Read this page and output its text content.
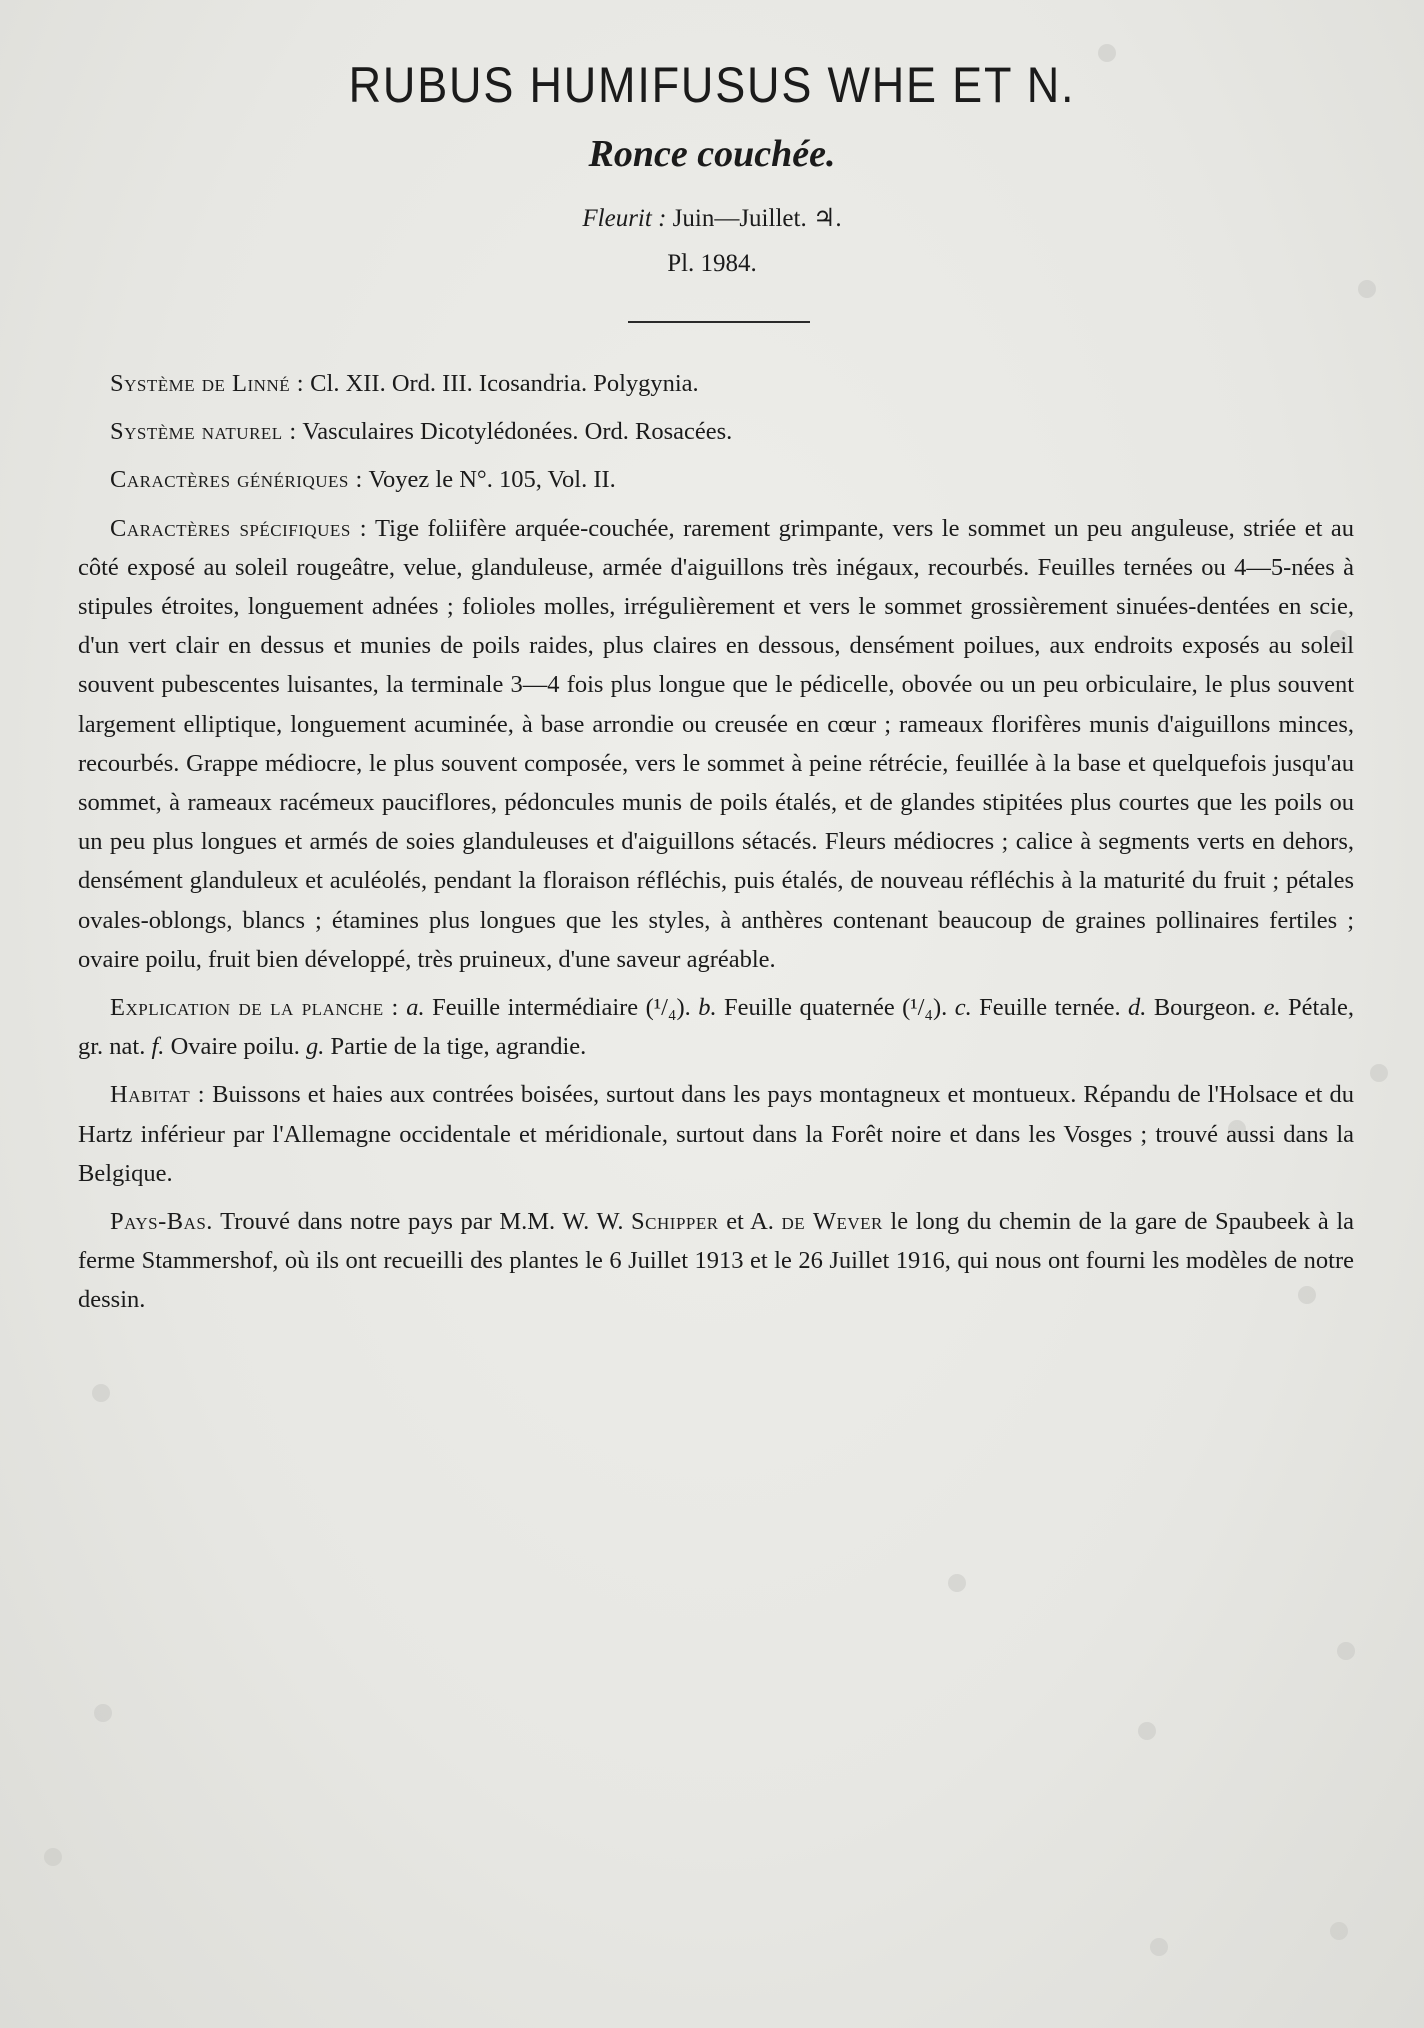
RUBUS HUMIFUSUS WHE ET N.
Ronce couchée.
Fleurit : Juin—Juillet. ♃.
Pl. 1984.

Système de Linné : Cl. XII. Ord. III. Icosandria. Polygynia.

Système naturel : Vasculaires Dicotylédonées. Ord. Rosacées.

Caractères génériques : Voyez le N°. 105, Vol. II.

Caractères spécifiques : Tige foliifère arquée-couchée, rarement grimpante, vers le sommet un peu anguleuse, striée et au côté exposé au soleil rougeâtre, velue, glanduleuse, armée d'aiguillons très inégaux, recourbés. Feuilles ternées ou 4—5-nées à stipules étroites, longuement adnées ; folioles molles, irrégulièrement et vers le sommet grossièrement sinuées-dentées en scie, d'un vert clair en dessus et munies de poils raides, plus claires en dessous, densément poilues, aux endroits exposés au soleil souvent pubescentes luisantes, la terminale 3—4 fois plus longue que le pédicelle, obovée ou un peu orbiculaire, le plus souvent largement elliptique, longuement acuminée, à base arrondie ou creusée en cœur ; rameaux florifères munis d'aiguillons minces, recourbés. Grappe médiocre, le plus souvent composée, vers le sommet à peine rétrécie, feuillée à la base et quelquefois jusqu'au sommet, à rameaux racémeux pauciflores, pédoncules munis de poils étalés, et de glandes stipitées plus courtes que les poils ou un peu plus longues et armés de soies glanduleuses et d'aiguillons sétacés. Fleurs médiocres ; calice à segments verts en dehors, densément glanduleux et aculéolés, pendant la floraison réfléchis, puis étalés, de nouveau réfléchis à la maturité du fruit ; pétales ovales-oblongs, blancs ; étamines plus longues que les styles, à anthères contenant beaucoup de graines pollinaires fertiles ; ovaire poilu, fruit bien développé, très pruineux, d'une saveur agréable.

Explication de la planche : a. Feuille intermédiaire (¹/₄). b. Feuille quaternée (¹/₄). c. Feuille ternée. d. Bourgeon. e. Pétale, gr. nat. f. Ovaire poilu. g. Partie de la tige, agrandie.

Habitat : Buissons et haies aux contrées boisées, surtout dans les pays montagneux et montueux. Répandu de l'Holsace et du Hartz inférieur par l'Allemagne occidentale et méridionale, surtout dans la Forêt noire et dans les Vosges ; trouvé aussi dans la Belgique.

Pays-Bas. Trouvé dans notre pays par M.M. W. W. Schipper et A. de Wever le long du chemin de la gare de Spaubeek à la ferme Stammershof, où ils ont recueilli des plantes le 6 Juillet 1913 et le 26 Juillet 1916, qui nous ont fourni les modèles de notre dessin.
